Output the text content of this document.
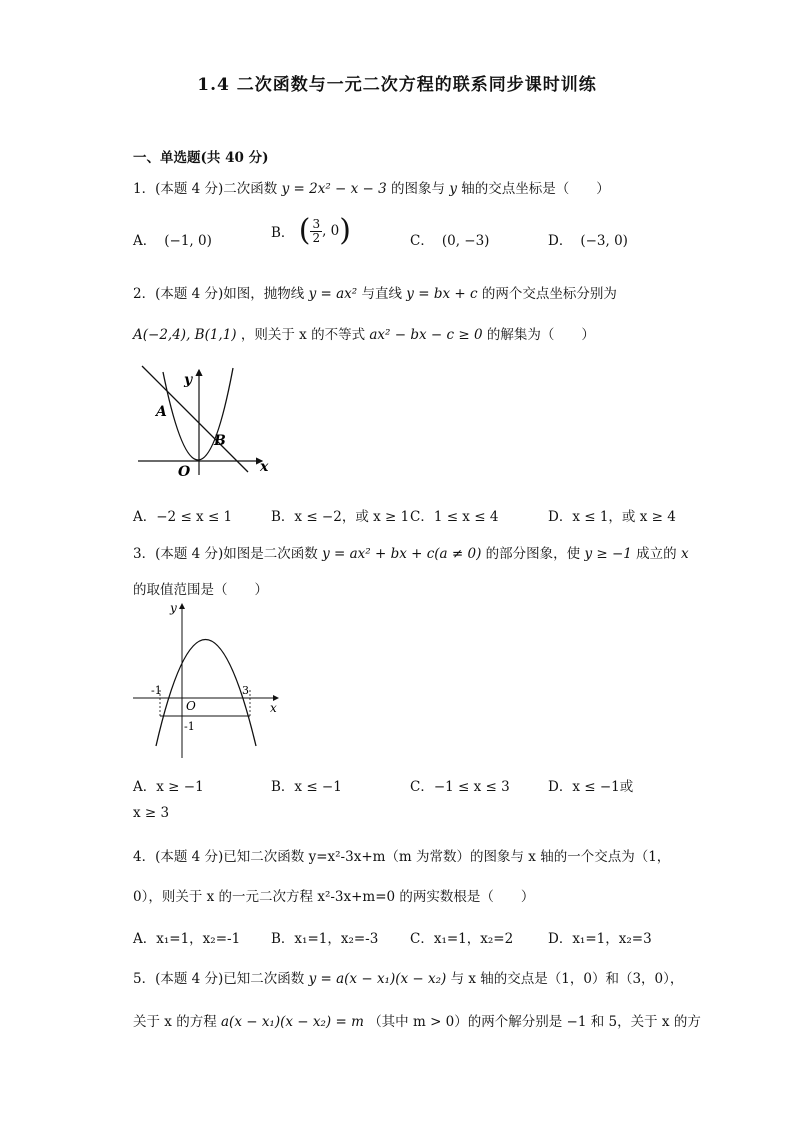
1.4 二次函数与一元二次方程的联系同步课时训练
一、单选题(共 40 分)
1．(本题 4 分)二次函数 y = 2x² − x − 3 的图象与 y 轴的交点坐标是（　　）
A． (−1, 0)	B． ( $\frac{3}{2}$ , 0)	C． (0, −3)	D． (−3, 0)
2．(本题 4 分)如图，抛物线 y = ax² 与直线 y = bx + c 的两个交点坐标分别为
A(−2,4), B(1,1) ，则关于 x 的不等式 ax² − bx − c ≥ 0 的解集为（　　）
A
B
O	x
y
A．−2 ≤ x ≤ 1	B．x ≤ −2，或 x ≥ 1 C．1 ≤ x ≤ 4	D．x ≤ 1，或 x ≥ 4
3．(本题 4 分)如图是二次函数 y = ax² + bx + c(a ≠ 0) 的部分图象，使 y ≥ −1 成立的 x
的取值范围是（　　）
y
x
O
-1	3
-1
A．x ≥ −1	B．x ≤ −1	C．−1 ≤ x ≤ 3	D．x ≤ −1或
x ≥ 3
4．(本题 4 分)已知二次函数 y=x²-3x+m（m 为常数）的图象与 x 轴的一个交点为（1，
0），则关于 x 的一元二次方程 x²-3x+m=0 的两实数根是（　　）
A．x₁=1，x₂=-1 B．x₁=1，x₂=-3 C．x₁=1，x₂=2	D．x₁=1，x₂=3
5．(本题 4 分)已知二次函数 y = a(x − x₁)(x − x₂) 与 x 轴的交点是（1，0）和（3，0），
关于 x 的方程 a(x − x₁)(x − x₂) = m （其中 m > 0）的两个解分别是 −1 和 5，关于 x 的方
